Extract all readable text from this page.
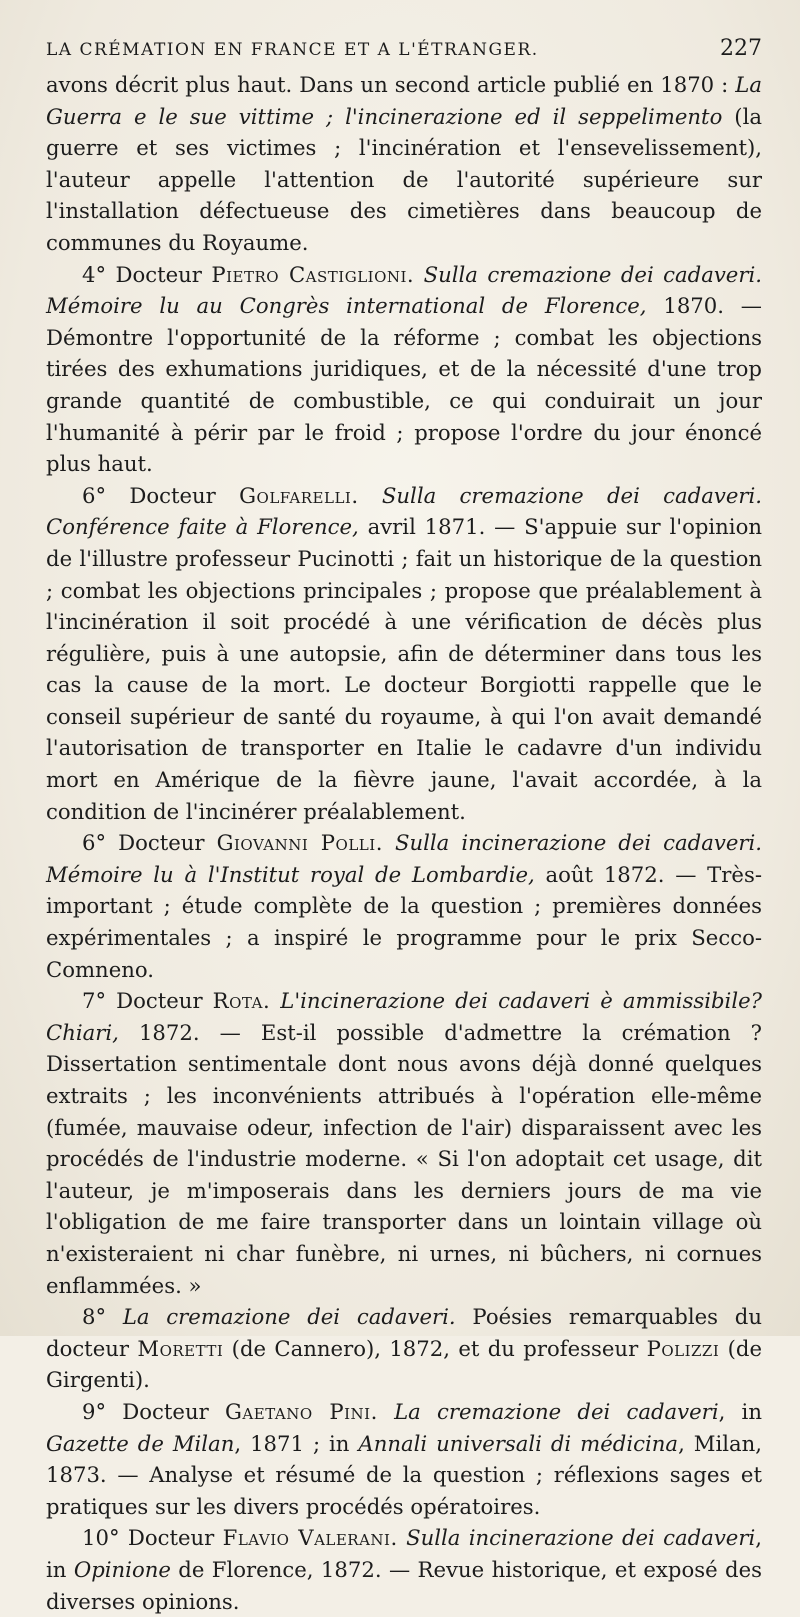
LA CRÉMATION EN FRANCE ET A L'ÉTRANGER.	227

avons décrit plus haut. Dans un second article publié en 1870 : La Guerra e le sue vittime ; l'incinerazione ed il seppelimento (la guerre et ses victimes ; l'incinération et l'ensevelissement), l'auteur appelle l'attention de l'autorité supérieure sur l'installation défectueuse des cimetières dans beaucoup de communes du Royaume.

4° Docteur Pietro Castiglioni. Sulla cremazione dei cadaveri. Mémoire lu au Congrès international de Florence, 1870. — Démontre l'opportunité de la réforme ; combat les objections tirées des exhumations juridiques, et de la nécessité d'une trop grande quantité de combustible, ce qui conduirait un jour l'humanité à périr par le froid ; propose l'ordre du jour énoncé plus haut.

6° Docteur Golfarelli. Sulla cremazione dei cadaveri. Conférence faite à Florence, avril 1871. — S'appuie sur l'opinion de l'illustre professeur Pucinotti ; fait un historique de la question ; combat les objections principales ; propose que préalablement à l'incinération il soit procédé à une vérification de décès plus régulière, puis à une autopsie, afin de déterminer dans tous les cas la cause de la mort. Le docteur Borgiotti rappelle que le conseil supérieur de santé du royaume, à qui l'on avait demandé l'autorisation de transporter en Italie le cadavre d'un individu mort en Amérique de la fièvre jaune, l'avait accordée, à la condition de l'incinérer préalablement.

6° Docteur Giovanni Polli. Sulla incinerazione dei cadaveri. Mémoire lu à l'Institut royal de Lombardie, août 1872. — Très-important ; étude complète de la question ; premières données expérimentales ; a inspiré le programme pour le prix Secco-Comneno.

7° Docteur Rota. L'incinerazione dei cadaveri è ammissibile? Chiari, 1872. — Est-il possible d'admettre la crémation ? Dissertation sentimentale dont nous avons déjà donné quelques extraits ; les inconvénients attribués à l'opération elle-même (fumée, mauvaise odeur, infection de l'air) disparaissent avec les procédés de l'industrie moderne. « Si l'on adoptait cet usage, dit l'auteur, je m'imposerais dans les derniers jours de ma vie l'obligation de me faire transporter dans un lointain village où n'existeraient ni char funèbre, ni urnes, ni bûchers, ni cornues enflammées. »

8° La cremazione dei cadaveri. Poésies remarquables du docteur Moretti (de Cannero), 1872, et du professeur Polizzi (de Girgenti).

9° Docteur Gaetano Pini. La cremazione dei cadaveri, in Gazette de Milan, 1871 ; in Annali universali di médicina, Milan, 1873. — Analyse et résumé de la question ; réflexions sages et pratiques sur les divers procédés opératoires.

10° Docteur Flavio Valerani. Sulla incinerazione dei cadaveri, in Opinione de Florence, 1872. — Revue historique, et exposé des diverses opinions.
